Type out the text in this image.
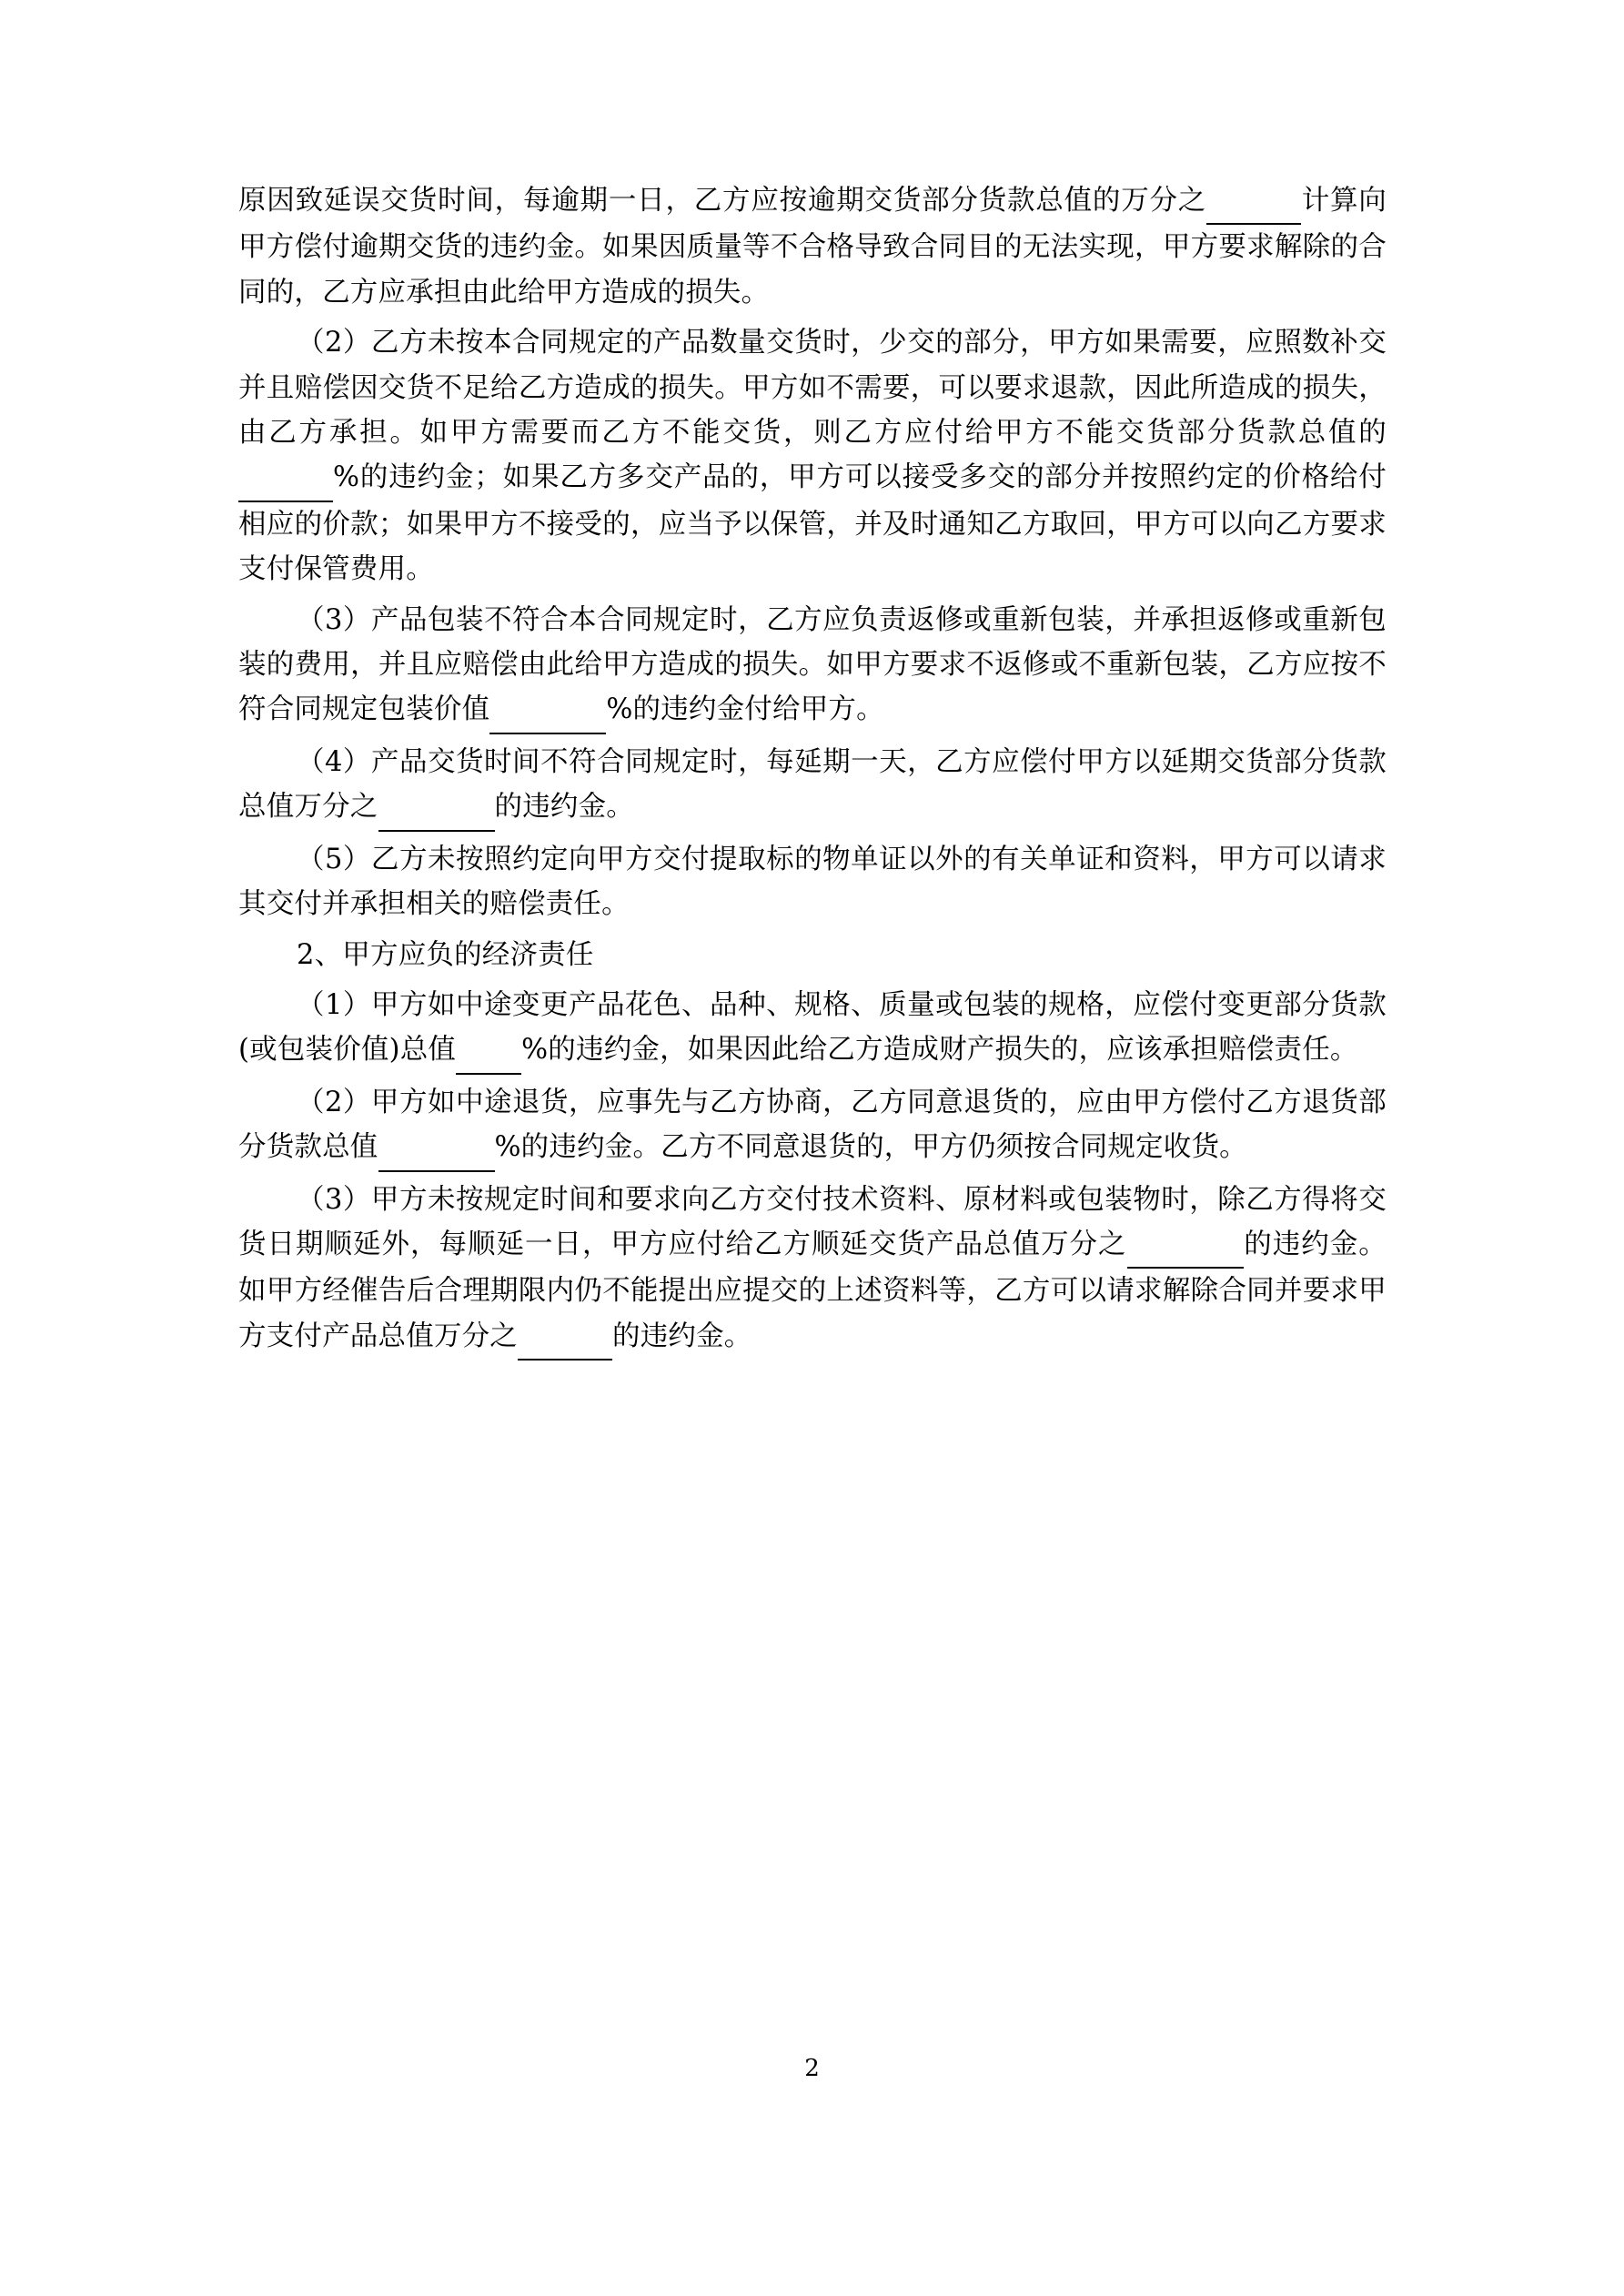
原因致延误交货时间，每逾期一日，乙方应按逾期交货部分货款总值的万分之	计算向甲方偿付逾期交货的违约金。如果因质量等不合格导致合同目的无法实现，甲方要求解除的合同的，乙方应承担由此给甲方造成的损失。

（2）乙方未按本合同规定的产品数量交货时，少交的部分，甲方如果需要，应照数补交并且赔偿因交货不足给乙方造成的损失。甲方如不需要，可以要求退款，因此所造成的损失，由乙方承担。如甲方需要而乙方不能交货，则乙方应付给甲方不能交货部分货款总值的 %的违约金；如果乙方多交产品的，甲方可以接受多交的部分并按照约定的价格给付相应的价款；如果甲方不接受的，应当予以保管，并及时通知乙方取回，甲方可以向乙方要求支付保管费用。

（3）产品包装不符合本合同规定时，乙方应负责返修或重新包装，并承担返修或重新包装的费用，并且应赔偿由此给甲方造成的损失。如甲方要求不返修或不重新包装，乙方应按不符合同规定包装价值	%的违约金付给甲方。

（4）产品交货时间不符合同规定时，每延期一天，乙方应偿付甲方以延期交货部分货款总值万分之	的违约金。

（5）乙方未按照约定向甲方交付提取标的物单证以外的有关单证和资料，甲方可以请求其交付并承担相关的赔偿责任。

2、甲方应负的经济责任

（1）甲方如中途变更产品花色、品种、规格、质量或包装的规格，应偿付变更部分货款(或包装价值)总值 %的违约金，如果因此给乙方造成财产损失的，应该承担赔偿责任。

（2）甲方如中途退货，应事先与乙方协商，乙方同意退货的，应由甲方偿付乙方退货部分货款总值	%的违约金。乙方不同意退货的，甲方仍须按合同规定收货。

（3）甲方未按规定时间和要求向乙方交付技术资料、原材料或包装物时，除乙方得将交货日期顺延外，每顺延一日，甲方应付给乙方顺延交货产品总值万分之	的违约金。如甲方经催告后合理期限内仍不能提出应提交的上述资料等，乙方可以请求解除合同并要求甲方支付产品总值万分之	的违约金。

2
